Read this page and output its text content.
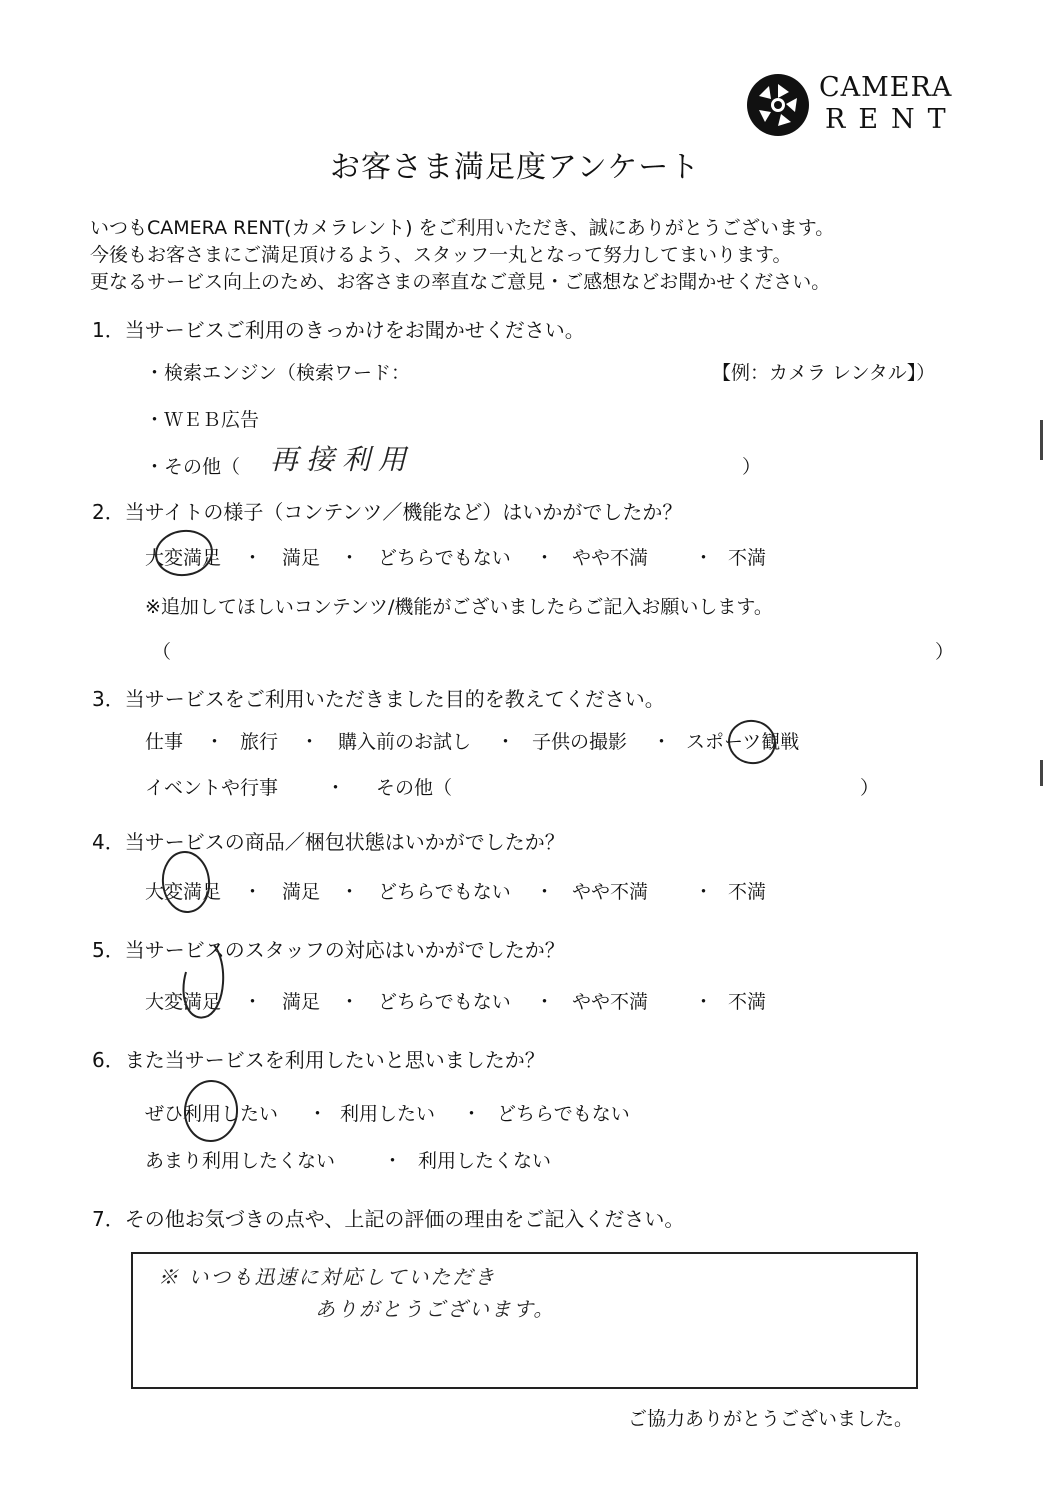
CAMERA
RENT
お客さま満足度アンケート
いつもCAMERA RENT(カメラレント) をご利用いただき、誠にありがとうございます。
今後もお客さまにご満足頂けるよう、スタッフ一丸となって努力してまいります。
更なるサービス向上のため、お客さまの率直なご意見・ご感想などお聞かせください。
1．当サービスご利用のきっかけをお聞かせください。
・検索エンジン（検索ワード：	【例：カメラ レンタル】）
・ＷＥＢ広告
・その他（ 再接利用	）
2．当サイトの様子（コンテンツ／機能など）はいかがでしたか？
大変満足 ・ 満足 ・ どちらでもない ・ やや不満 ・ 不満
※追加してほしいコンテンツ/機能がございましたらご記入お願いします。
（	）
3．当サービスをご利用いただきました目的を教えてください。
仕事 ・ 旅行 ・ 購入前のお試し ・ 子供の撮影 ・ スポーツ観戦
イベントや行事	・ その他（	）
4．当サービスの商品／梱包状態はいかがでしたか？
大変満足 ・ 満足 ・ どちらでもない ・ やや不満 ・ 不満
5．当サービスのスタッフの対応はいかがでしたか？
大変満足 ・ 満足 ・ どちらでもない ・ やや不満 ・ 不満
6．また当サービスを利用したいと思いましたか？
ぜひ利用したい ・ 利用したい ・ どちらでもない
あまり利用したくない	・ 利用したくない
7．その他お気づきの点や、上記の評価の理由をご記入ください。
※ いつも迅速に対応していただき
ありがとうございます。
ご協力ありがとうございました。
